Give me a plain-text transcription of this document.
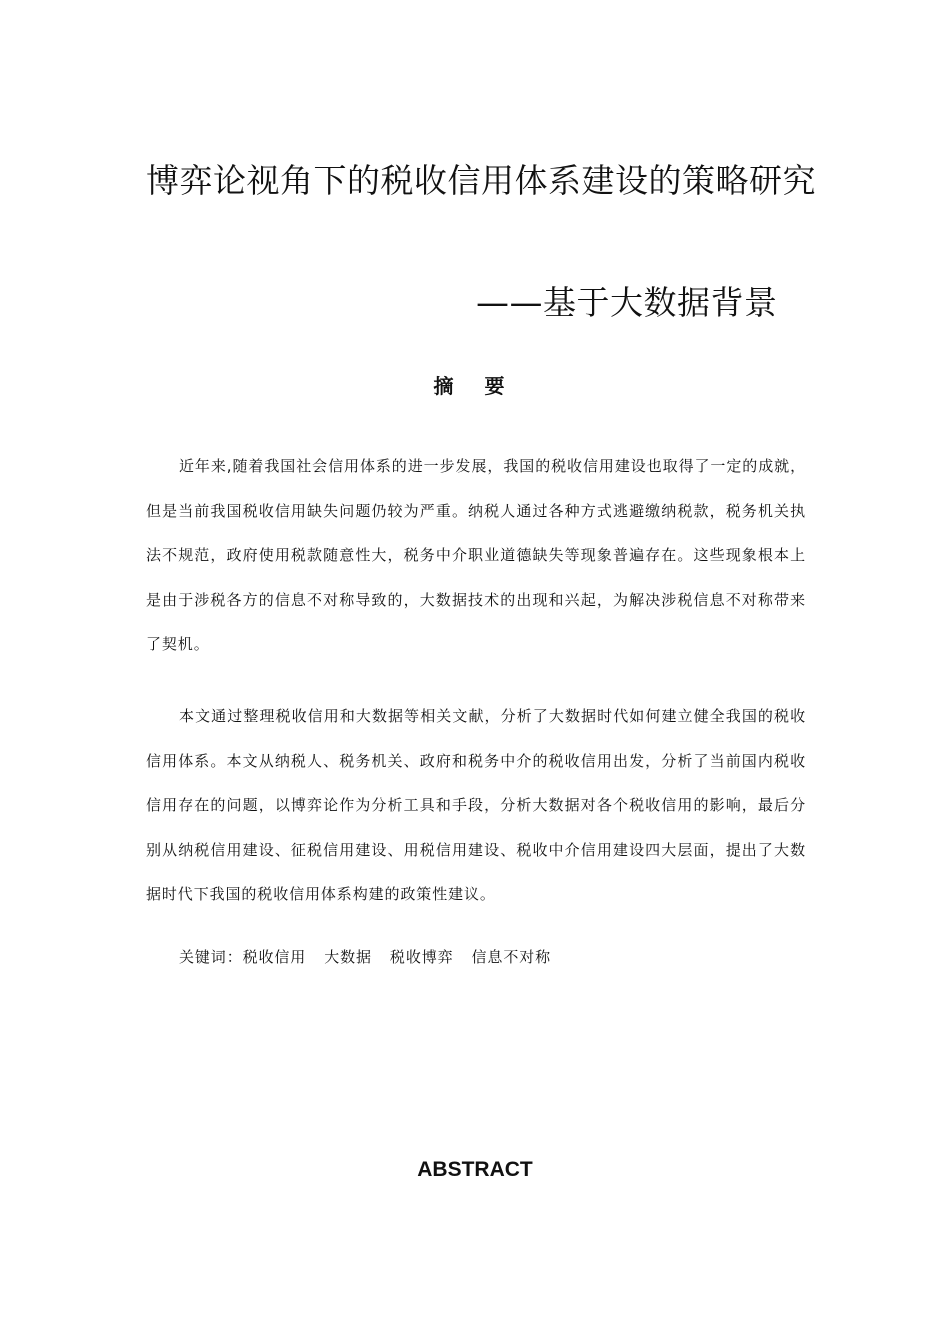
博弈论视角下的税收信用体系建设的策略研究
——基于大数据背景
摘 要

近年来,随着我国社会信用体系的进一步发展，我国的税收信用建设也取得了一定的成就，但是当前我国税收信用缺失问题仍较为严重。纳税人通过各种方式逃避缴纳税款，税务机关执法不规范，政府使用税款随意性大，税务中介职业道德缺失等现象普遍存在。这些现象根本上是由于涉税各方的信息不对称导致的，大数据技术的出现和兴起，为解决涉税信息不对称带来了契机。

本文通过整理税收信用和大数据等相关文献，分析了大数据时代如何建立健全我国的税收信用体系。本文从纳税人、税务机关、政府和税务中介的税收信用出发，分析了当前国内税收信用存在的问题，以博弈论作为分析工具和手段，分析大数据对各个税收信用的影响，最后分别从纳税信用建设、征税信用建设、用税信用建设、税收中介信用建设四大层面，提出了大数据时代下我国的税收信用体系构建的政策性建议。

关键词：税收信用 大数据 税收博弈 信息不对称

ABSTRACT
